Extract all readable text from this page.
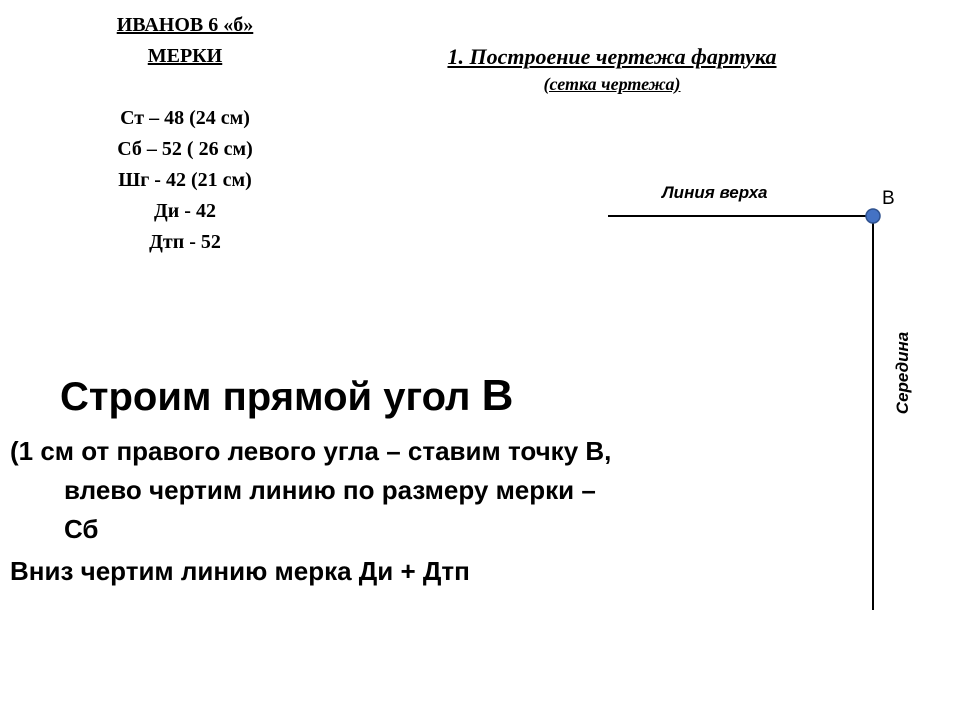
ИВАНОВ 6 «б»
МЕРКИ
Ст – 48 (24 см)
Сб – 52 ( 26 см)
Шг - 42 (21 см)
Ди - 42
Дтп - 52
1. Построение чертежа фартука
(сетка чертежа)
Строим прямой угол В
(1 см от правого левого угла – ставим точку В, влево чертим линию по размеру мерки – Сб
Вниз чертим линию мерка Ди + Дтп
Линия верха	В
Середина
